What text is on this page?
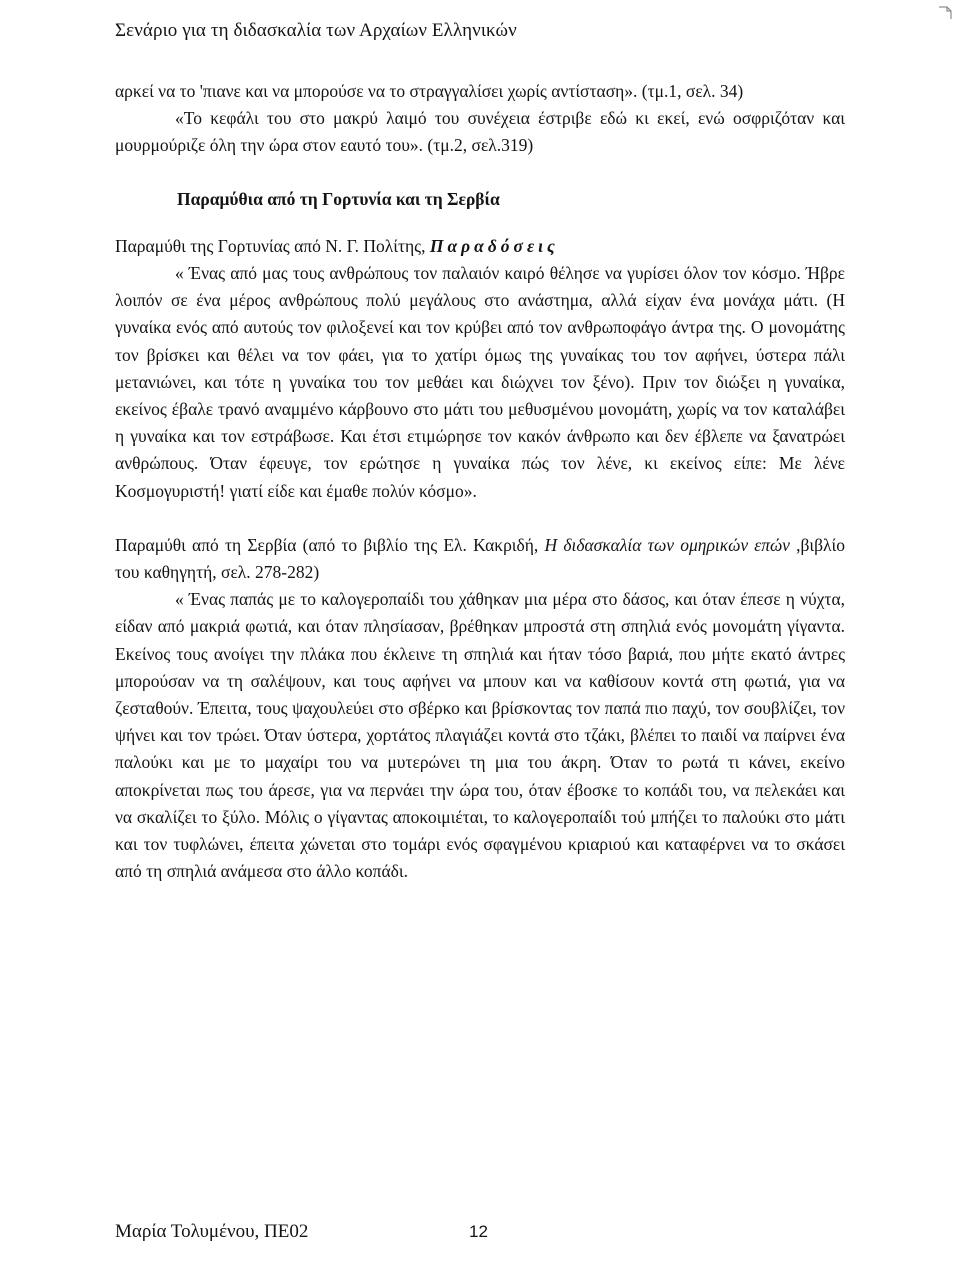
Σενάριο για τη διδασκαλία των Αρχαίων Ελληνικών

αρκεί να το 'πιανε και να μπορούσε να το στραγγαλίσει χωρίς αντίσταση». (τμ.1, σελ. 34)

«Το κεφάλι του στο μακρύ λαιμό του συνέχεια έστριβε εδώ κι εκεί, ενώ οσφριζόταν και μουρμούριζε όλη την ώρα στον εαυτό του». (τμ.2, σελ.319)

Παραμύθια από τη Γορτυνία και τη Σερβία

Παραμύθι της Γορτυνίας από Ν. Γ. Πολίτης, Παραδόσεις

« Ένας από μας τους ανθρώπους τον παλαιόν καιρό θέλησε να γυρίσει όλον τον κόσμο. Ήβρε λοιπόν σε ένα μέρος ανθρώπους πολύ μεγάλους στο ανάστημα, αλλά είχαν ένα μονάχα μάτι. (Η γυναίκα ενός από αυτούς τον φιλοξενεί και τον κρύβει από τον ανθρωποφάγο άντρα της. Ο μονομάτης τον βρίσκει και θέλει να τον φάει, για το χατίρι όμως της γυναίκας του τον αφήνει, ύστερα πάλι μετανιώνει, και τότε η γυναίκα του τον μεθάει και διώχνει τον ξένο). Πριν τον διώξει η γυναίκα, εκείνος έβαλε τρανό αναμμένο κάρβουνο στο μάτι του μεθυσμένου μονομάτη, χωρίς να τον καταλάβει η γυναίκα και τον εστράβωσε. Και έτσι ετιμώρησε τον κακόν άνθρωπο και δεν έβλεπε να ξανατρώει ανθρώπους. Όταν έφευγε, τον ερώτησε η γυναίκα πώς τον λένε, κι εκείνος είπε: Με λένε Κοσμογυριστή! γιατί είδε και έμαθε πολύν κόσμο».

Παραμύθι από τη Σερβία (από το βιβλίο της Ελ. Κακριδή, Η διδασκαλία των ομηρικών επών ,βιβλίο του καθηγητή, σελ. 278-282)

« Ένας παπάς με το καλογεροπαίδι του χάθηκαν μια μέρα στο δάσος, και όταν έπεσε η νύχτα, είδαν από μακριά φωτιά, και όταν πλησίασαν, βρέθηκαν μπροστά στη σπηλιά ενός μονομάτη γίγαντα. Εκείνος τους ανοίγει την πλάκα που έκλεινε τη σπηλιά και ήταν τόσο βαριά, που μήτε εκατό άντρες μπορούσαν να τη σαλέψουν, και τους αφήνει να μπουν και να καθίσουν κοντά στη φωτιά, για να ζεσταθούν. Έπειτα, τους ψαχουλεύει στο σβέρκο και βρίσκοντας τον παπά πιο παχύ, τον σουβλίζει, τον ψήνει και τον τρώει. Όταν ύστερα, χορτάτος πλαγιάζει κοντά στο τζάκι, βλέπει το παιδί να παίρνει ένα παλούκι και με το μαχαίρι του να μυτερώνει τη μια του άκρη. Όταν το ρωτά τι κάνει, εκείνο αποκρίνεται πως του άρεσε, για να περνάει την ώρα του, όταν έβοσκε το κοπάδι του, να πελεκάει και να σκαλίζει το ξύλο. Μόλις ο γίγαντας αποκοιμιέται, το καλογεροπαίδι τού μπήζει το παλούκι στο μάτι και τον τυφλώνει, έπειτα χώνεται στο τομάρι ενός σφαγμένου κριαριού και καταφέρνει να το σκάσει από τη σπηλιά ανάμεσα στο άλλο κοπάδι.

Μαρία Τολυμένου, ΠΕ02	12
